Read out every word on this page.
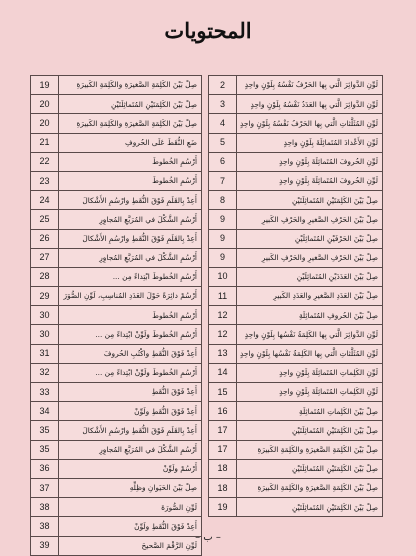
المحتويات
لَوِّنِ الدَّوائِرَ الَّتي بِها الحَرْفُ نَفْسُهُ بِلَوْنٍ واحِدٍ	2
لَوِّنِ الدَّوائِرَ الَّتي بِها العَدَدُ نَفْسُهُ بِلَوْنٍ واحِدٍ	3
لَوِّنِ المُثَلَّثاتِ الَّتي بِها الحَرْفُ نَفْسُهُ بِلَوْنٍ واحِدٍ	4
لَوِّنِ الأَعْدادَ المُتَماثِلَةَ بِلَوْنٍ واحِدٍ	5
لَوِّنِ الحُروفَ المُتَماثِلَةَ بِلَوْنٍ واحِدٍ	6
لَوِّنِ الحُروفَ المُتَماثِلَةَ بِلَوْنٍ واحِدٍ	7
صِلْ بَيْنَ الكَلِمَتَيْنِ المُتَماثِلَتَيْنِ	8
صِلْ بَيْنَ الحَرْفِ الصَّغيرِ والحَرْفِ الكَبيرِ	9
صِلْ بَيْنَ الحَرْفَيْنِ المُتَماثِلَيْنِ	9
صِلْ بَيْنَ الحَرْفِ الصَّغيرِ والحَرْفِ الكَبيرِ	9
صِلْ بَيْنَ العَدَدَيْنِ المُتَماثِلَيْنِ	10
صِلْ بَيْنَ العَدَدِ الصَّغيرِ والعَدَدِ الكَبيرِ	11
صِلْ بَيْنَ الحُروفِ المُتَماثِلَةِ	12
لَوِّنِ الدَّوائِرَ الَّتي بِها الكَلِمَةُ نَفْسُها بِلَوْنٍ واحِدٍ	12
لَوِّنِ المُثَلَّثاتِ الَّتي بِها الكَلِمَةُ نَفْسُها بِلَوْنٍ واحِدٍ	13
لَوِّنِ الكَلِماتِ المُتَماثِلَةَ بِلَوْنٍ واحِدٍ	14
لَوِّنِ الكَلِماتِ المُتَماثِلَةَ بِلَوْنٍ واحِدٍ	15
صِلْ بَيْنَ الكَلِماتِ المُتَماثِلَةِ	16
صِلْ بَيْنَ الكَلِمَتَيْنِ المُتَماثِلَتَيْنِ	17
صِلْ بَيْنَ الكَلِمَةِ الصَّغيرَةِ والكَلِمَةِ الكَبيرَةِ	17
صِلْ بَيْنَ الكَلِمَتَيْنِ المُتَماثِلَتَيْنِ	18
صِلْ بَيْنَ الكَلِمَةِ الصَّغيرَةِ والكَلِمَةِ الكَبيرَةِ	18
صِلْ بَيْنَ الكَلِمَتَيْنِ المُتَماثِلَتَيْنِ	19
صِلْ بَيْنَ الكَلِمَةِ الصَّغيرَةِ والكَلِمَةِ الكَبيرَةِ	19
صِلْ بَيْنَ الكَلِمَتَيْنِ المُتَماثِلَتَيْنِ	20
صِلْ بَيْنَ الكَلِمَةِ الصَّغيرَةِ والكَلِمَةِ الكَبيرَةِ	20
ضَعِ النُّقَطَ عَلَى الحُروفِ	21
أَرْسُمِ الخُطوطَ	22
أَرْسُمِ الخُطوطَ	23
أَعِدْ بِالقَلَمِ فَوْقَ النُّقَطِ وارْسُمِ الأَشْكالَ	24
أَرْسُمِ الشَّكْلَ في المُرَبَّعِ المُجاوِرِ	25
أَعِدْ بِالقَلَمِ فَوْقَ النُّقَطِ وارْسُمِ الأَشْكالَ	26
أَرْسُمِ الشَّكْلَ في المُرَبَّعِ المُجاوِرِ	27
أَرْسُمِ الخُطوطَ ابْتِداءً مِن ...	28
أَرْسُمْ دائِرَةً حَوْلَ العَدَدِ المُناسِبِ، لَوِّنِ الصُّوَرَ	29
أَرْسُمِ الخُطوطَ	30
أَرْسُمِ الخُطوطَ ولَوِّنْ ابْتِداءً مِن ...	30
أَعِدْ فَوْقَ النُّقَطِ واكْتُبِ الحُروفَ	31
أَرْسُمِ الخُطوطَ ولَوِّنْ ابْتِداءً مِن ...	32
أَعِدْ فَوْقَ النُّقَطِ	33
أَعِدْ فَوْقَ النُّقَطِ ولَوِّنْ	34
أَعِدْ بِالقَلَمِ فَوْقَ النُّقَطِ وارْسُمِ الأَشْكالَ	35
أَرْسُمِ الشَّكْلَ في المُرَبَّعِ المُجاوِرِ	35
أَرْسُمْ ولَوِّنْ	36
صِلْ بَيْنَ الحَيَوانِ وظِلِّهِ	37
لَوِّنِ الصُّورَةَ	38
أَعِدْ فَوْقَ النُّقَطِ ولَوِّنْ	38
لَوِّنِ الرَّقْمَ الصَّحيحَ	39
– ب –
